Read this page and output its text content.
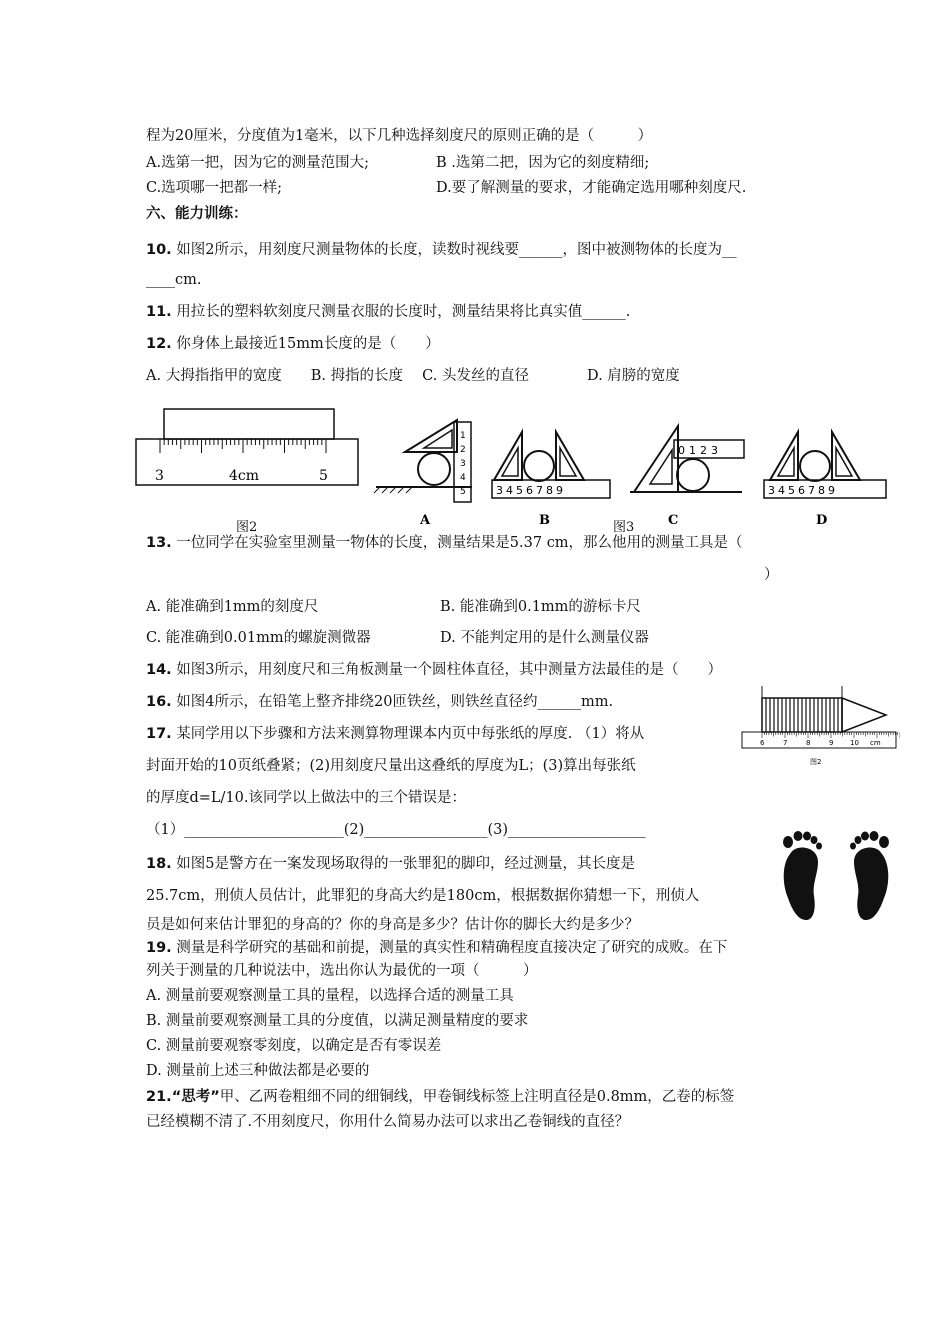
程为20厘米，分度值为1毫米，以下几种选择刻度尺的原则正确的是（　　　）
A.选第一把，因为它的测量范围大;	B .选第二把，因为它的刻度精细;
C.选项哪一把都一样;	D.要了解测量的要求，才能确定选用哪种刻度尺.
六、能力训练：
10. 如图2所示，用刻度尺测量物体的长度，读数时视线要______，图中被测物体的长度为__
____cm.
11. 用拉长的塑料软刻度尺测量衣服的长度时，测量结果将比真实值______.
12. 你身体上最接近15mm长度的是（　　）
A. 大拇指指甲的宽度　　B. 拇指的长度　 C. 头发丝的直径　　　　D. 肩膀的宽度
3	4cm	5
图2
1
2
3
4
5
A
3456789
B
0123
C
3456789
D
图3
13. 一位同学在实验室里测量一物体的长度，测量结果是5.37 cm，那么他用的测量工具是（
）
A. 能准确到1mm的刻度尺	B. 能准确到0.1mm的游标卡尺
C. 能准确到0.01mm的螺旋测微器	D. 不能判定用的是什么测量仪器
14. 如图3所示，用刻度尺和三角板测量一个圆柱体直径，其中测量方法最佳的是（　　）
16. 如图4所示，在铅笔上整齐排绕20匝铁丝，则铁丝直径约______mm.
6	7	8	9 10 cm
图2
17. 某同学用以下步骤和方法来测算物理课本内页中每张纸的厚度. （1）将从
封面开始的10页纸叠紧；(2)用刻度尺量出这叠纸的厚度为L；(3)算出每张纸
的厚度d=L/10.该同学以上做法中的三个错误是：
（1）______________________(2)_________________(3)___________________
18. 如图5是警方在一案发现场取得的一张罪犯的脚印，经过测量，其长度是
25.7cm，刑侦人员估计，此罪犯的身高大约是180cm，根据数据你猜想一下，刑侦人
员是如何来估计罪犯的身高的？你的身高是多少？估计你的脚长大约是多少？
19. 测量是科学研究的基础和前提，测量的真实性和精确程度直接决定了研究的成败。在下
列关于测量的几种说法中，选出你认为最优的一项（　　　）
A. 测量前要观察测量工具的量程，以选择合适的测量工具
B. 测量前要观察测量工具的分度值，以满足测量精度的要求
C. 测量前要观察零刻度，以确定是否有零误差
D. 测量前上述三种做法都是必要的
21.“思考”甲、乙两卷粗细不同的细铜线，甲卷铜线标签上注明直径是0.8mm，乙卷的标签
已经模糊不清了.不用刻度尺，你用什么简易办法可以求出乙卷铜线的直径？
